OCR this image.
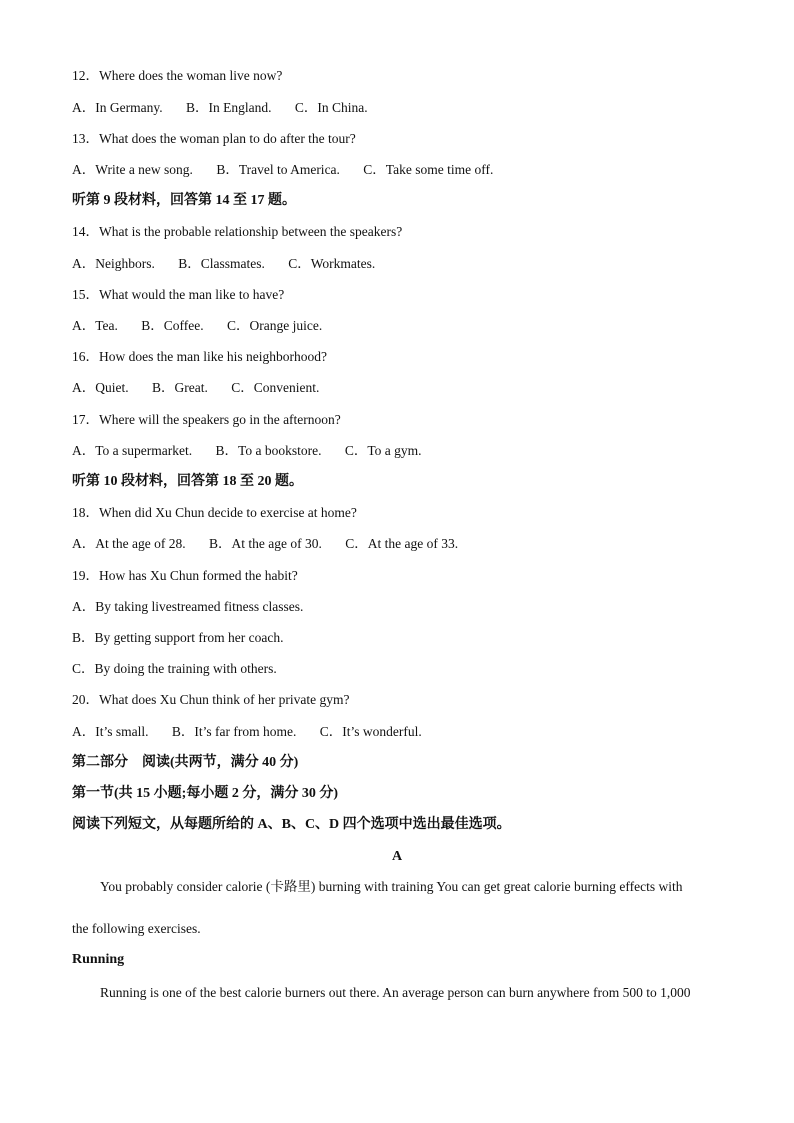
12．Where does the woman live now?
A．In Germany. B．In England. C．In China.
13．What does the woman plan to do after the tour?
A．Write a new song. B．Travel to America. C．Take some time off.
听第 9 段材料，回答第 14 至 17 题。
14．What is the probable relationship between the speakers?
A．Neighbors. B．Classmates. C．Workmates.
15．What would the man like to have?
A．Tea. B．Coffee. C．Orange juice.
16．How does the man like his neighborhood?
A．Quiet. B．Great. C．Convenient.
17．Where will the speakers go in the afternoon?
A．To a supermarket. B．To a bookstore. C．To a gym.
听第 10 段材料，回答第 18 至 20 题。
18．When did Xu Chun decide to exercise at home?
A．At the age of 28. B．At the age of 30. C．At the age of 33.
19．How has Xu Chun formed the habit?
A．By taking livestreamed fitness classes.
B．By getting support from her coach.
C．By doing the training with others.
20．What does Xu Chun think of her private gym?
A．It’s small. B．It’s far from home. C．It’s wonderful.
第二部分　阅读(共两节，满分 40 分)
第一节(共 15 小题;每小题 2 分，满分 30 分)
阅读下列短文，从每题所给的 A、B、C、D 四个选项中选出最佳选项。
A
You probably consider calorie (卡路里) burning with training You can get great calorie burning effects with
the following exercises.
Running
Running is one of the best calorie burners out there. An average person can burn anywhere from 500 to 1,000
